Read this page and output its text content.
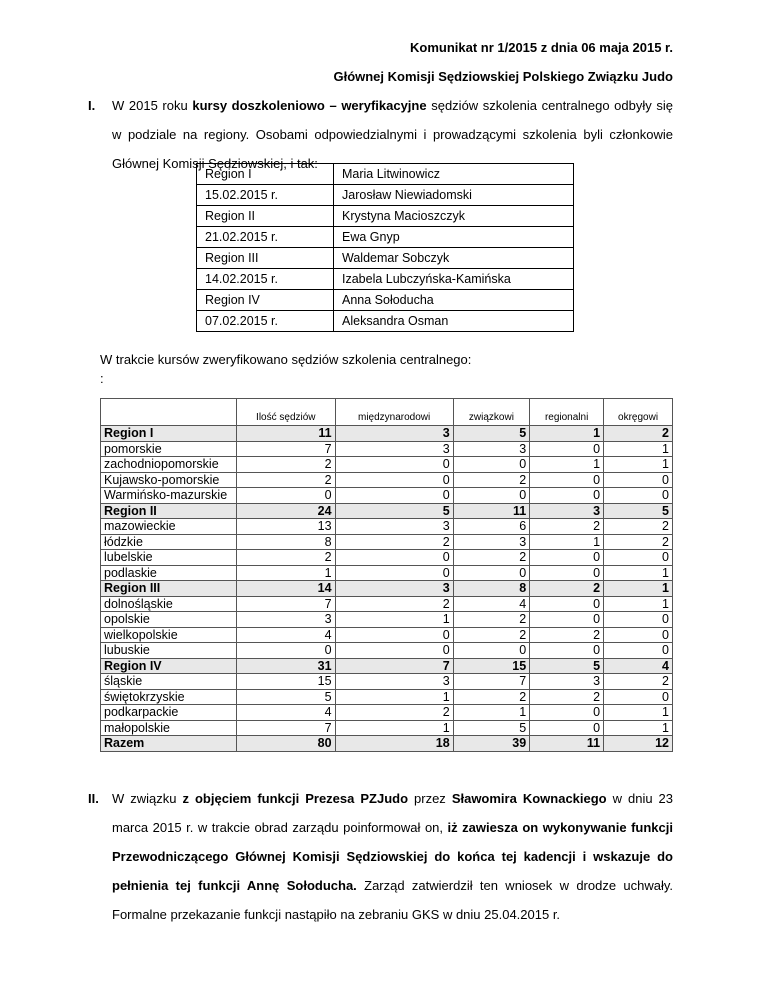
Komunikat nr 1/2015 z dnia 06 maja 2015 r.
Głównej Komisji Sędziowskiej Polskiego Związku Judo
I. W 2015 roku kursy doszkoleniowo – weryfikacyjne sędziów szkolenia centralnego odbyły się w podziale na regiony. Osobami odpowiedzialnymi i prowadzącymi szkolenia byli członkowie Głównej Komisji Sędziowskiej, i tak:
Region I	Maria Litwinowicz
15.02.2015 r.	Jarosław Niewiadomski
Region II	Krystyna Macioszczyk
21.02.2015 r.	Ewa Gnyp
Region III	Waldemar Sobczyk
14.02.2015 r.	Izabela Lubczyńska-Kamińska
Region IV	Anna Sołoducha
07.02.2015 r.	Aleksandra Osman
W trakcie kursów zweryfikowano sędziów szkolenia centralnego:
:
	Ilość sędziów	międzynarodowi	związkowi	regionalni	okręgowi
Region I	11	3	5	1	2
pomorskie	7	3	3	0	1
zachodniopomorskie	2	0	0	1	1
Kujawsko-pomorskie	2	0	2	0	0
Warmińsko-mazurskie	0	0	0	0	0
Region II	24	5	11	3	5
mazowieckie	13	3	6	2	2
łódzkie	8	2	3	1	2
lubelskie	2	0	2	0	0
podlaskie	1	0	0	0	1
Region III	14	3	8	2	1
dolnośląskie	7	2	4	0	1
opolskie	3	1	2	0	0
wielkopolskie	4	0	2	2	0
lubuskie	0	0	0	0	0
Region IV	31	7	15	5	4
śląskie	15	3	7	3	2
świętokrzyskie	5	1	2	2	0
podkarpackie	4	2	1	0	1
małopolskie	7	1	5	0	1
Razem	80	18	39	11	12
II. W związku z objęciem funkcji Prezesa PZJudo przez Sławomira Kownackiego w dniu 23 marca 2015 r. w trakcie obrad zarządu poinformował on, iż zawiesza on wykonywanie funkcji Przewodniczącego Głównej Komisji Sędziowskiej do końca tej kadencji i wskazuje do pełnienia tej funkcji Annę Sołoducha. Zarząd zatwierdził ten wniosek w drodze uchwały. Formalne przekazanie funkcji nastąpiło na zebraniu GKS w dniu 25.04.2015 r.
